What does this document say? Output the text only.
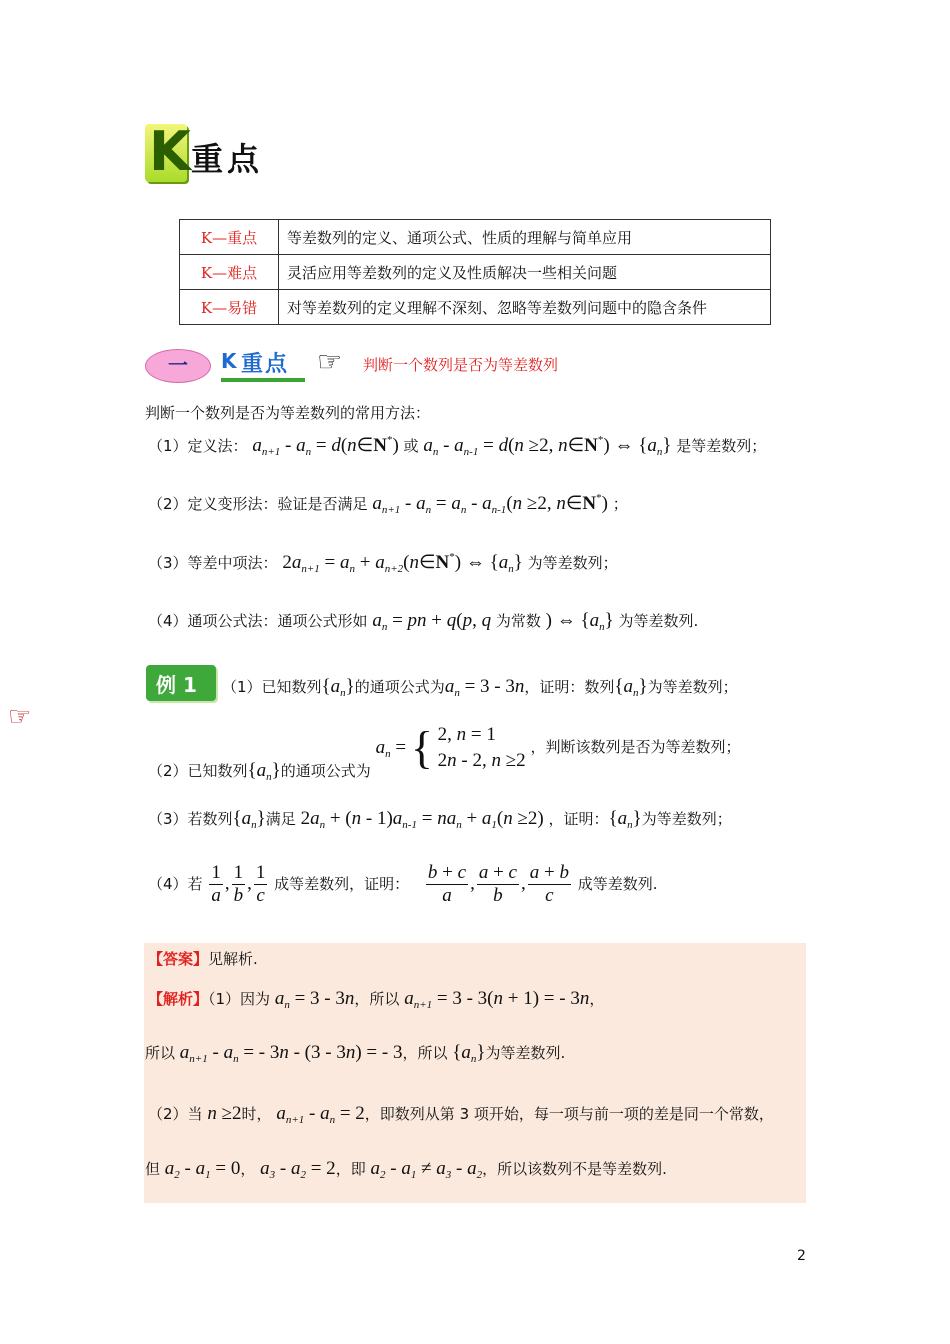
K 重点
K—重点	等差数列的定义、通项公式、性质的理解与简单应用
K—难点	灵活应用等差数列的定义及性质解决一些相关问题
K—易错	对等差数列的定义理解不深刻、忽略等差数列问题中的隐含条件
一	K 重点 ☞ 判断一个数列是否为等差数列
判断一个数列是否为等差数列的常用方法：
（1）定义法： $a_{n+1} - a_n$ = d(n∈N*) 或 $a_n - a_{n-1} = d(n \ge 2$, n∈N*) ⇔ $\{a_n\}$ 是等差数列；
（2）定义变形法：验证是否满足 $a_{n+1} - a_n = a_n - a_{n-1}(n \ge 2$, n∈N*) ；
（3）等差中项法： $2a_{n+1} = a_n$ + $a_{n+2}(n\in N^*)$ ⇔ $\{a_n\}$ 为等差数列；
（4）通项公式法：通项公式形如 $a_n$ = pn + q(p, q 为常数 ) ⇔ $\{a_n\}$ 为等差数列.
例 1
☞
（1）已知数列$\{a_n\}$的通项公式为$a_n = 3 - 3n$，证明：数列$\{a_n\}$为等差数列；
（2）已知数列$\{a_n\}$的通项公式为 $a_n$ = { 2, n = 1
2n - 2, n ≥2 ，判断该数列是否为等差数列；
（3）若数列$\{a_n\}$满足 $2a_n + (n - 1)a_{n-1} = na_n + a_1(n \ge 2)$ ，证明：$\{a_n\}$为等差数列；
（4）若 $\frac{1}{a}$ , $\frac{1}{b}$ , $\frac{1}{c}$ 成等差数列，证明： $\frac{b + c}{a}$ , $\frac{a + c}{b}$ , $\frac{a + b}{c}$ 成等差数列.
【答案】见解析.
【解析】（1）因为 $a_n = 3 - 3n$，所以 $a_{n+1} = 3 - 3(n + 1)$ = - 3n，
所以 $a_{n+1} - a_n$ = - 3n - (3 - 3n) = - 3，所以 $\{a_n\}$为等差数列.
（2）当 n ≥2时， $a_{n+1} - a_n = 2$，即数列从第 3 项开始，每一项与前一项的差是同一个常数，
但 $a_2 - a_1 = 0$， $a_3 - a_2 = 2$，即 $a_2 - a_1 \ne a_3 - a_2$，所以该数列不是等差数列.
2
